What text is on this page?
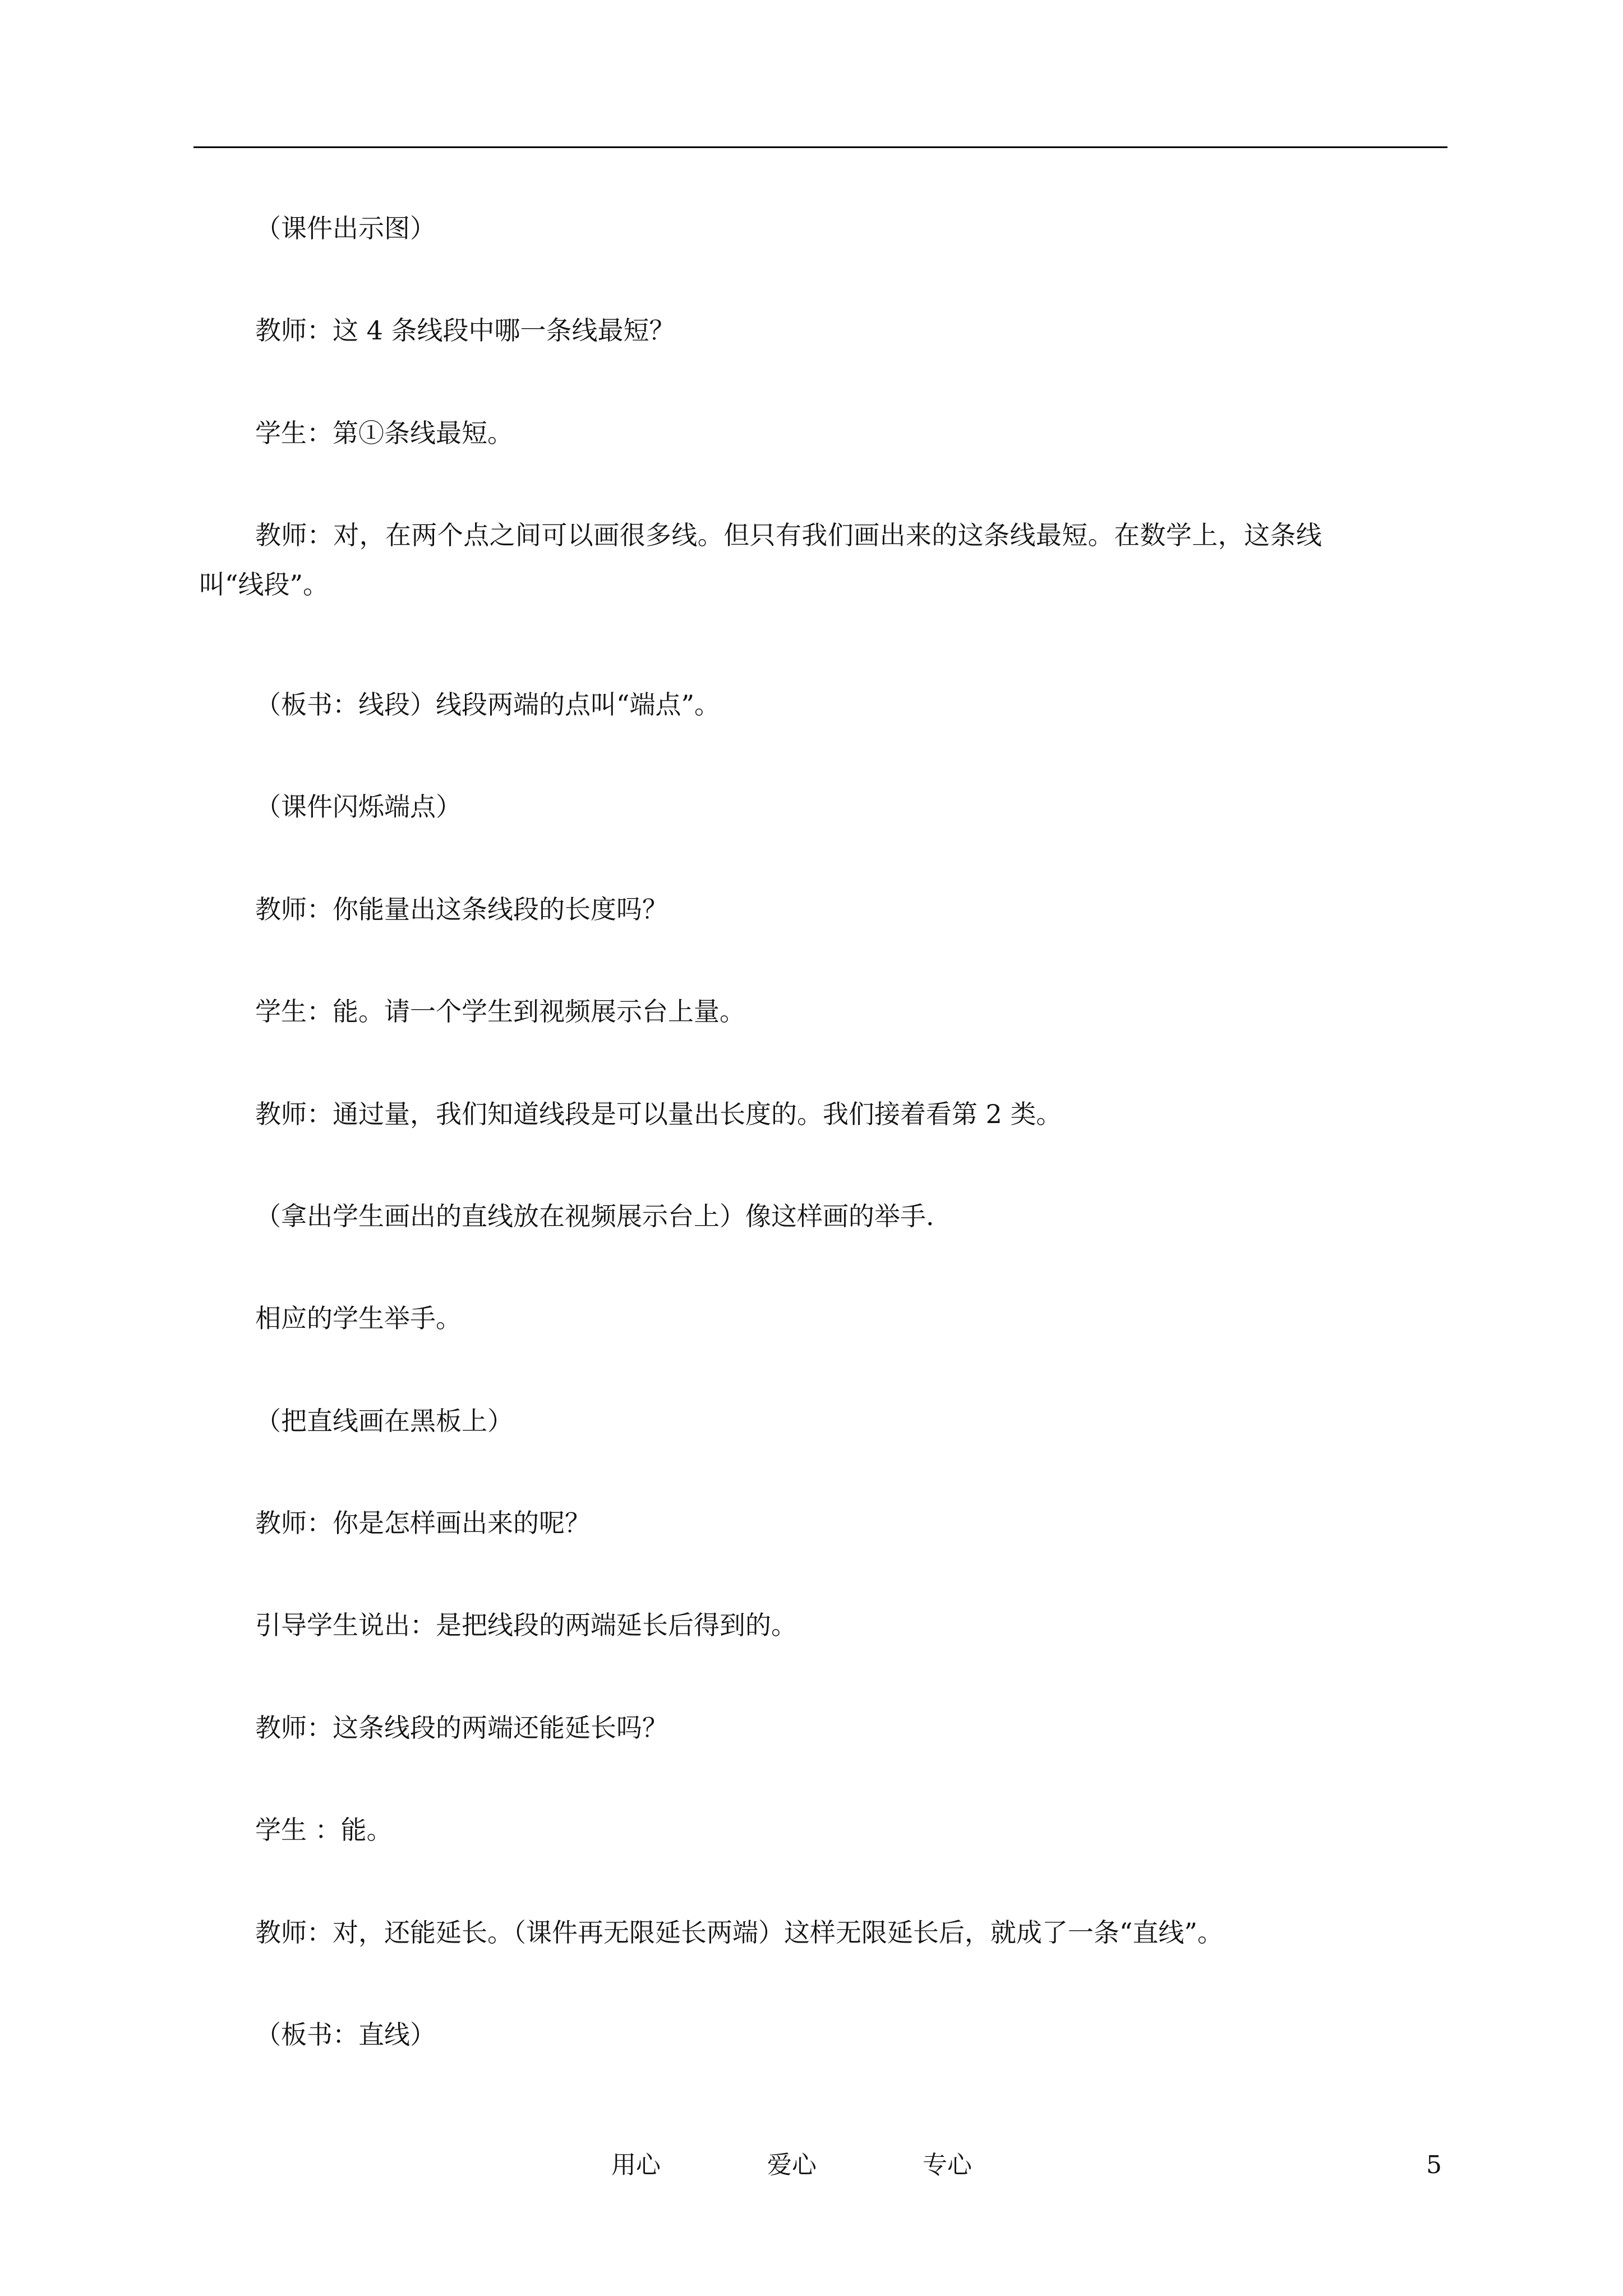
（课件出示图）

教师：这 4 条线段中哪一条线最短？

学生：第①条线最短。

教师：对，在两个点之间可以画很多线。但只有我们画出来的这条线最短。在数学上，这条线
叫“线段”。

（板书：线段）线段两端的点叫“端点”。

（课件闪烁端点）

教师：你能量出这条线段的长度吗？

学生：能。请一个学生到视频展示台上量。

教师：通过量，我们知道线段是可以量出长度的。我们接着看第 2 类。

（拿出学生画出的直线放在视频展示台上）像这样画的举手.

相应的学生举手。

（把直线画在黑板上）

教师：你是怎样画出来的呢？

引导学生说出：是把线段的两端延长后得到的。

教师：这条线段的两端还能延长吗？

学生 ：能。

教师：对，还能延长。（课件再无限延长两端）这样无限延长后，就成了一条“直线”。

（板书：直线）

用心	爱心	专心	5
